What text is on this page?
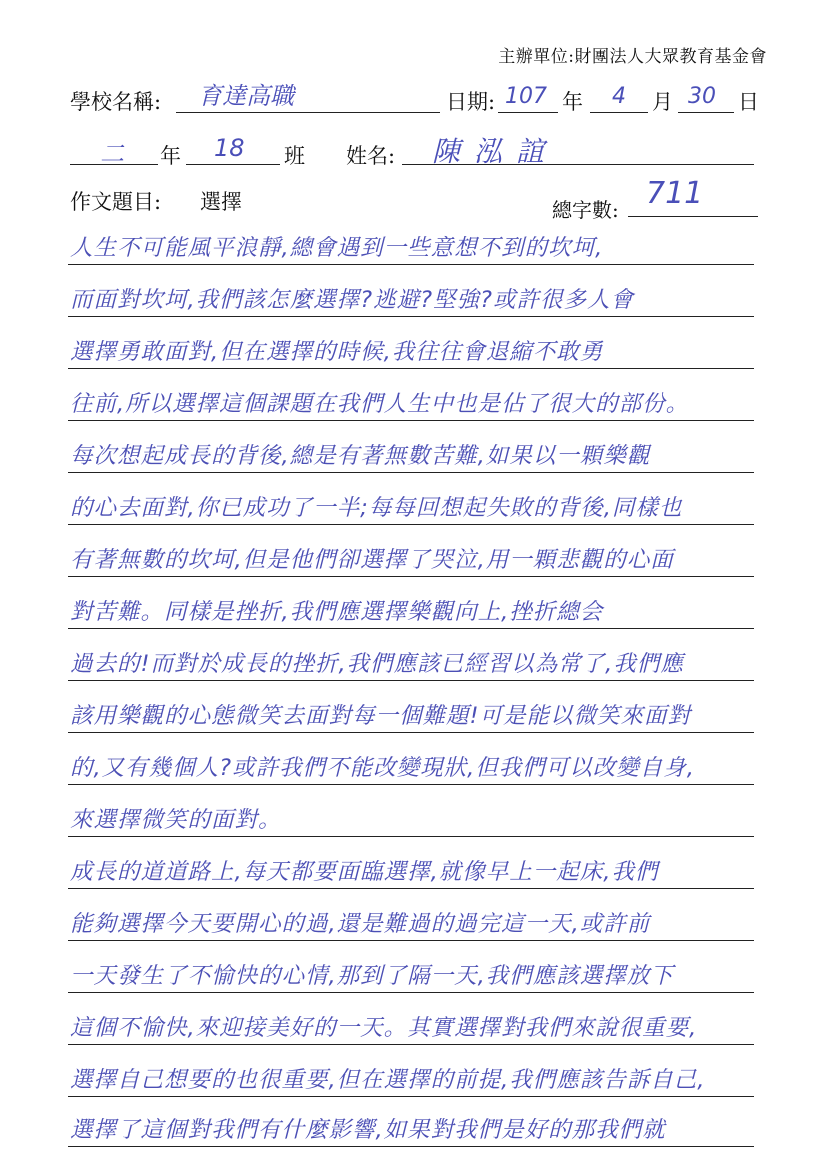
主辦單位:財團法人大眾教育基金會
學校名稱: 育達高職	日期: 107 年 4 月 30 日
二 年 18 班 姓名: 陳泓誼
作文題目: 選擇	總字數: 711
人生不可能風平浪靜,總會遇到一些意想不到的坎坷,
而面對坎坷,我們該怎麼選擇?逃避?堅強?或許很多人會
選擇勇敢面對,但在選擇的時候,我往往會退縮不敢勇
往前,所以選擇這個課題在我們人生中也是佔了很大的部份。
每次想起成長的背後,總是有著無數苦難,如果以一顆樂觀
的心去面對,你已成功了一半;每每回想起失敗的背後,同樣也
有著無數的坎坷,但是他們卻選擇了哭泣,用一顆悲觀的心面
對苦難。同樣是挫折,我們應選擇樂觀向上,挫折總会
過去的!而對於成長的挫折,我們應該已經習以為常了,我們應
該用樂觀的心態微笑去面對每一個難題!可是能以微笑來面對
的,又有幾個人?或許我們不能改變現狀,但我們可以改變自身,
來選擇微笑的面對。
成長的道道路上,每天都要面臨選擇,就像早上一起床,我們
能夠選擇今天要開心的過,還是難過的過完這一天,或許前
一天發生了不愉快的心情,那到了隔一天,我們應該選擇放下
這個不愉快,來迎接美好的一天。其實選擇對我們來說很重要,
選擇自己想要的也很重要,但在選擇的前提,我們應該告訴自己,
選擇了這個對我們有什麼影響,如果對我們是好的那我們就
